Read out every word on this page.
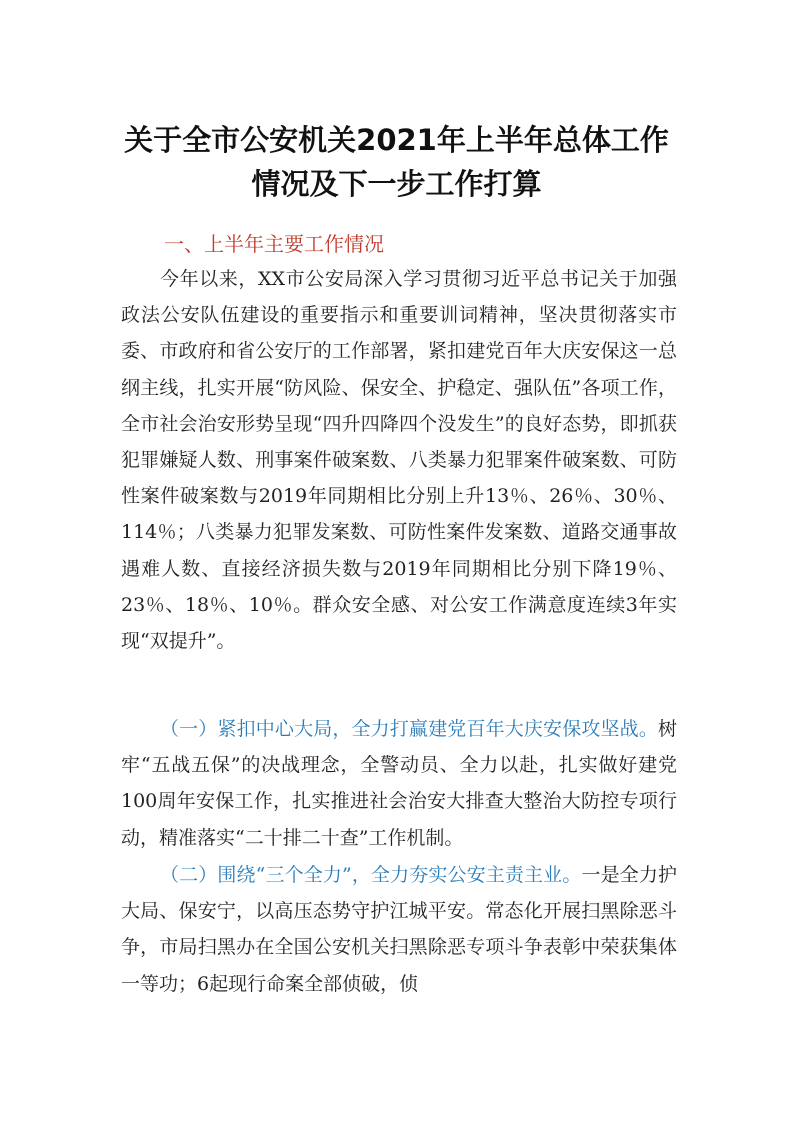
关于全市公安机关2021年上半年总体工作
情况及下一步工作打算
一、上半年主要工作情况

今年以来，XX市公安局深入学习贯彻习近平总书记关于加强政法公安队伍建设的重要指示和重要训词精神，坚决贯彻落实市委、市政府和省公安厅的工作部署，紧扣建党百年大庆安保这一总纲主线，扎实开展“防风险、保安全、护稳定、强队伍”各项工作，全市社会治安形势呈现“四升四降四个没发生”的良好态势，即抓获犯罪嫌疑人数、刑事案件破案数、八类暴力犯罪案件破案数、可防性案件破案数与2019年同期相比分别上升13％、26％、30％、114％；八类暴力犯罪发案数、可防性案件发案数、道路交通事故遇难人数、直接经济损失数与2019年同期相比分别下降19％、23％、18％、10％。群众安全感、对公安工作满意度连续3年实现“双提升”。

（一）紧扣中心大局，全力打赢建党百年大庆安保攻坚战。树牢“五战五保”的决战理念，全警动员、全力以赴，扎实做好建党100周年安保工作，扎实推进社会治安大排查大整治大防控专项行动，精准落实“二十排二十查”工作机制。

（二）围绕“三个全力”，全力夯实公安主责主业。一是全力护大局、保安宁，以高压态势守护江城平安。常态化开展扫黑除恶斗争，市局扫黑办在全国公安机关扫黑除恶专项斗争表彰中荣获集体一等功；6起现行命案全部侦破，侦
